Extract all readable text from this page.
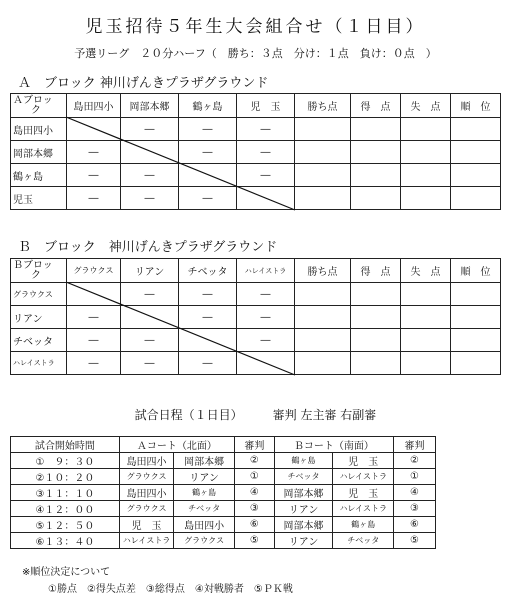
児玉招待５年生大会組合せ（１日目）
予選リーグ　２０分ハーフ（　勝ち：３点　分け：１点　負け：０点　）
Ａ　ブロック 神川げんきプラザグラウンド
Ａブロッ
ク	島田四小	岡部本郷	鶴ヶ島	児　玉	勝ち点	得　点	失　点	順　位
島田四小		―	―	―				
岡部本郷	―		―	―				
鶴ヶ島	―	―		―				
児玉	―	―	―					
Ｂ　ブロック　神川げんきプラザグラウンド
Ｂブロッ
ク	グラウクス	リアン	チベッタ	ハレイストラ	勝ち点	得　点	失　点	順　位
グラウクス		―	―	―				
リアン	―		―	―				
チベッタ	―	―		―				
ハレイストラ	―	―	―					
試合日程（１日目）　　　審判 左主審 右副審
試合開始時間	Ａコート（北面）		審判	Ｂコート（南面）		審判
①　９：３０	島田四小	岡部本郷	②	鶴ヶ島	児　玉	②
②１０：２０	グラウクス	リアン	①	チベッタ	ハレイストラ	①
③１１：１０	島田四小	鶴ヶ島	④	岡部本郷	児　玉	④
④１２：００	グラウクス	チベッタ	③	リアン	ハレイストラ	③
⑤１２：５０	児　玉	島田四小	⑥	岡部本郷	鶴ヶ島	⑥
⑥１３：４０	ハレイストラ	グラウクス	⑤	リアン	チベッタ	⑤
※順位決定について
①勝点　②得失点差　③総得点　④対戦勝者　⑤ＰＫ戦
